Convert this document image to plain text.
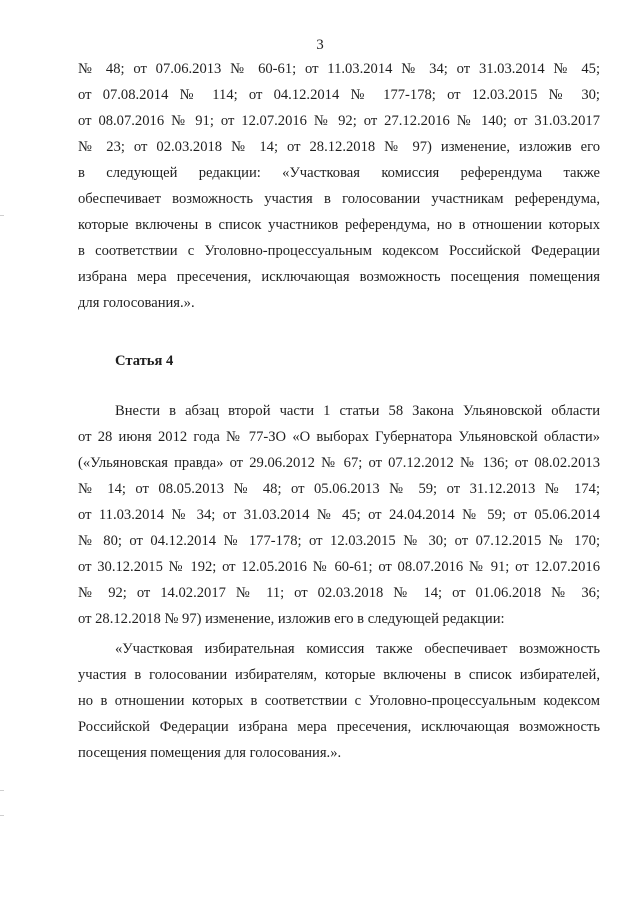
3
№ 48; от 07.06.2013 № 60-61; от 11.03.2014 № 34; от 31.03.2014 № 45;
от 07.08.2014 № 114; от 04.12.2014 № 177-178; от 12.03.2015 № 30;
от 08.07.2016 № 91; от 12.07.2016 № 92; от 27.12.2016 № 140; от 31.03.2017
№ 23; от 02.03.2018 № 14; от 28.12.2018 № 97) изменение, изложив его
в следующей редакции: «Участковая комиссия референдума также
обеспечивает возможность участия в голосовании участникам референдума,
которые включены в список участников референдума, но в отношении которых
в соответствии с Уголовно-процессуальным кодексом Российской Федерации
избрана мера пресечения, исключающая возможность посещения помещения
для голосования.».
Статья 4
Внести в абзац второй части 1 статьи 58 Закона Ульяновской области
от 28 июня 2012 года № 77-ЗО «О выборах Губернатора Ульяновской области»
(«Ульяновская правда» от 29.06.2012 № 67; от 07.12.2012 № 136; от 08.02.2013
№ 14; от 08.05.2013 № 48; от 05.06.2013 № 59; от 31.12.2013 № 174;
от 11.03.2014 № 34; от 31.03.2014 № 45; от 24.04.2014 № 59; от 05.06.2014
№ 80; от 04.12.2014 № 177-178; от 12.03.2015 № 30; от 07.12.2015 № 170;
от 30.12.2015 № 192; от 12.05.2016 № 60-61; от 08.07.2016 № 91; от 12.07.2016
№ 92; от 14.02.2017 № 11; от 02.03.2018 № 14; от 01.06.2018 № 36;
от 28.12.2018 № 97) изменение, изложив его в следующей редакции:
«Участковая избирательная комиссия также обеспечивает возможность
участия в голосовании избирателям, которые включены в список избирателей,
но в отношении которых в соответствии с Уголовно-процессуальным кодексом
Российской Федерации избрана мера пресечения, исключающая возможность
посещения помещения для голосования.».
